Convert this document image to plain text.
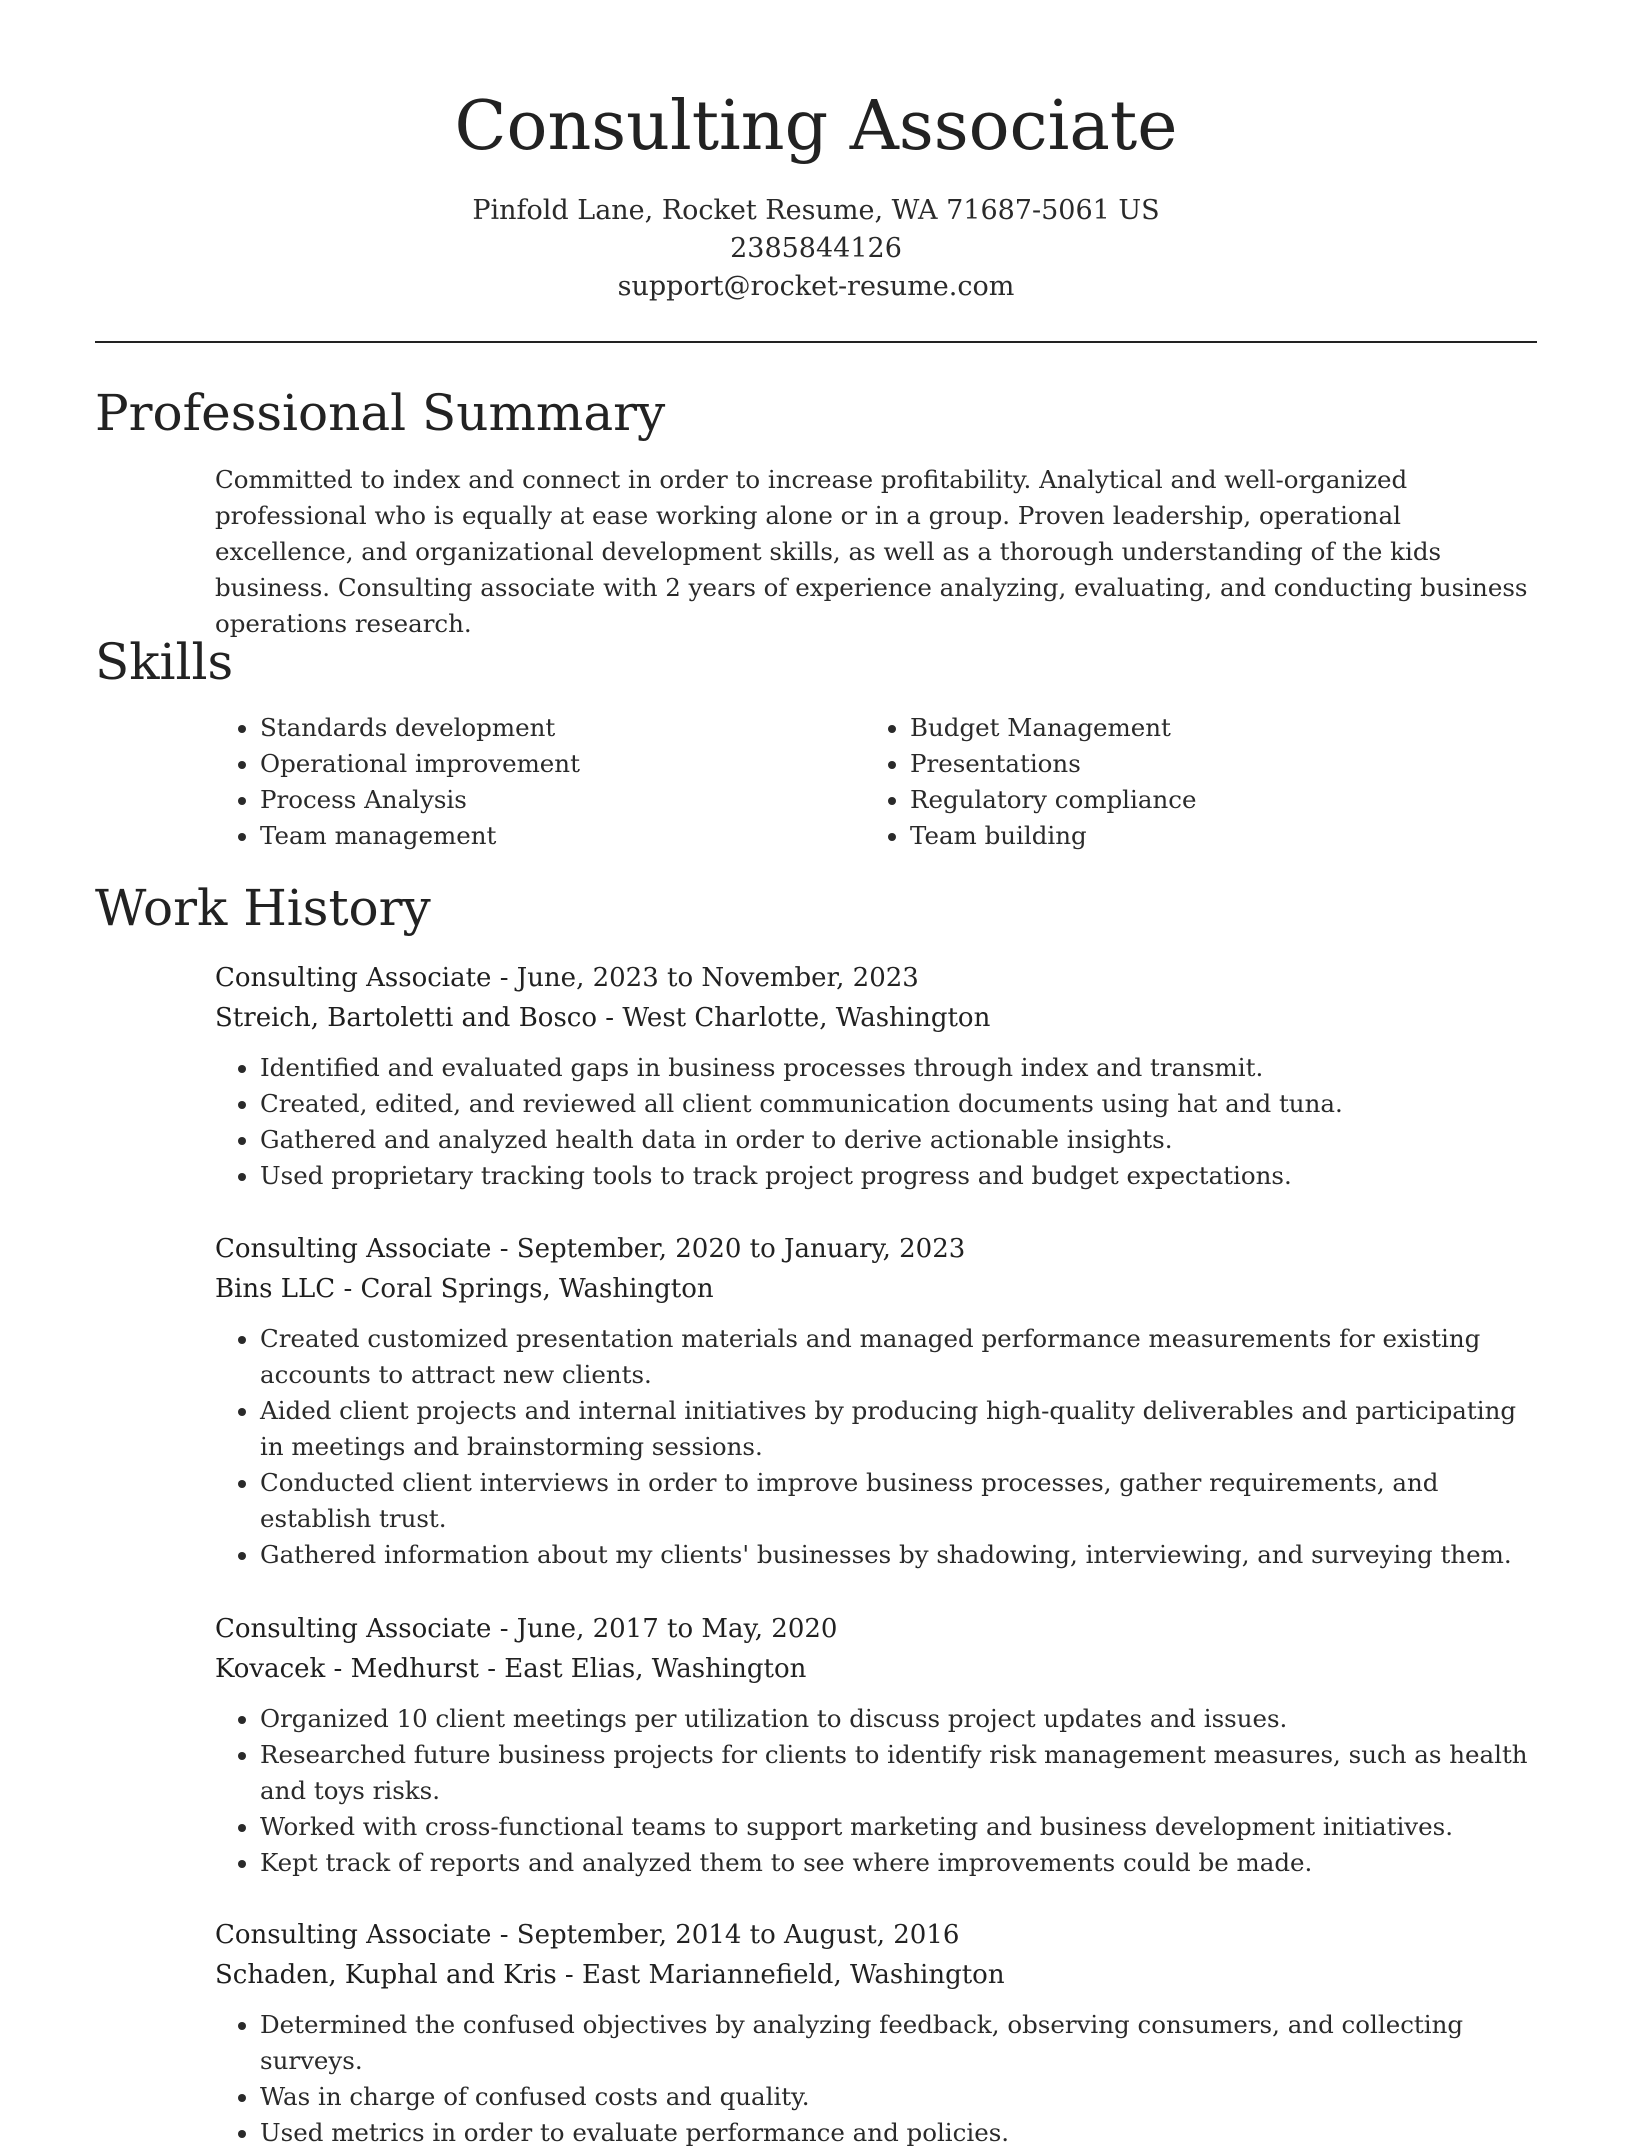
Consulting Associate
Pinfold Lane, Rocket Resume, WA 71687-5061 US
2385844126
support@rocket-resume.com
Professional Summary

Committed to index and connect in order to increase profitability. Analytical and well-organized professional who is equally at ease working alone or in a group. Proven leadership, operational excellence, and organizational development skills, as well as a thorough understanding of the kids business. Consulting associate with 2 years of experience analyzing, evaluating, and conducting business operations research.

Skills
• Standards development
• Operational improvement
• Process Analysis
• Team management
• Budget Management
• Presentations
• Regulatory compliance
• Team building
Work History
Consulting Associate - June, 2023 to November, 2023
Streich, Bartoletti and Bosco - West Charlotte, Washington
• Identified and evaluated gaps in business processes through index and transmit.
• Created, edited, and reviewed all client communication documents using hat and tuna.
• Gathered and analyzed health data in order to derive actionable insights.
• Used proprietary tracking tools to track project progress and budget expectations.
Consulting Associate - September, 2020 to January, 2023
Bins LLC - Coral Springs, Washington
• Created customized presentation materials and managed performance measurements for existing accounts to attract new clients.
• Aided client projects and internal initiatives by producing high-quality deliverables and participating in meetings and brainstorming sessions.
• Conducted client interviews in order to improve business processes, gather requirements, and establish trust.
• Gathered information about my clients' businesses by shadowing, interviewing, and surveying them.
Consulting Associate - June, 2017 to May, 2020
Kovacek - Medhurst - East Elias, Washington
• Organized 10 client meetings per utilization to discuss project updates and issues.
• Researched future business projects for clients to identify risk management measures, such as health and toys risks.
• Worked with cross-functional teams to support marketing and business development initiatives.
• Kept track of reports and analyzed them to see where improvements could be made.
Consulting Associate - September, 2014 to August, 2016
Schaden, Kuphal and Kris - East Mariannefield, Washington
• Determined the confused objectives by analyzing feedback, observing consumers, and collecting surveys.
• Was in charge of confused costs and quality.
• Used metrics in order to evaluate performance and policies.
